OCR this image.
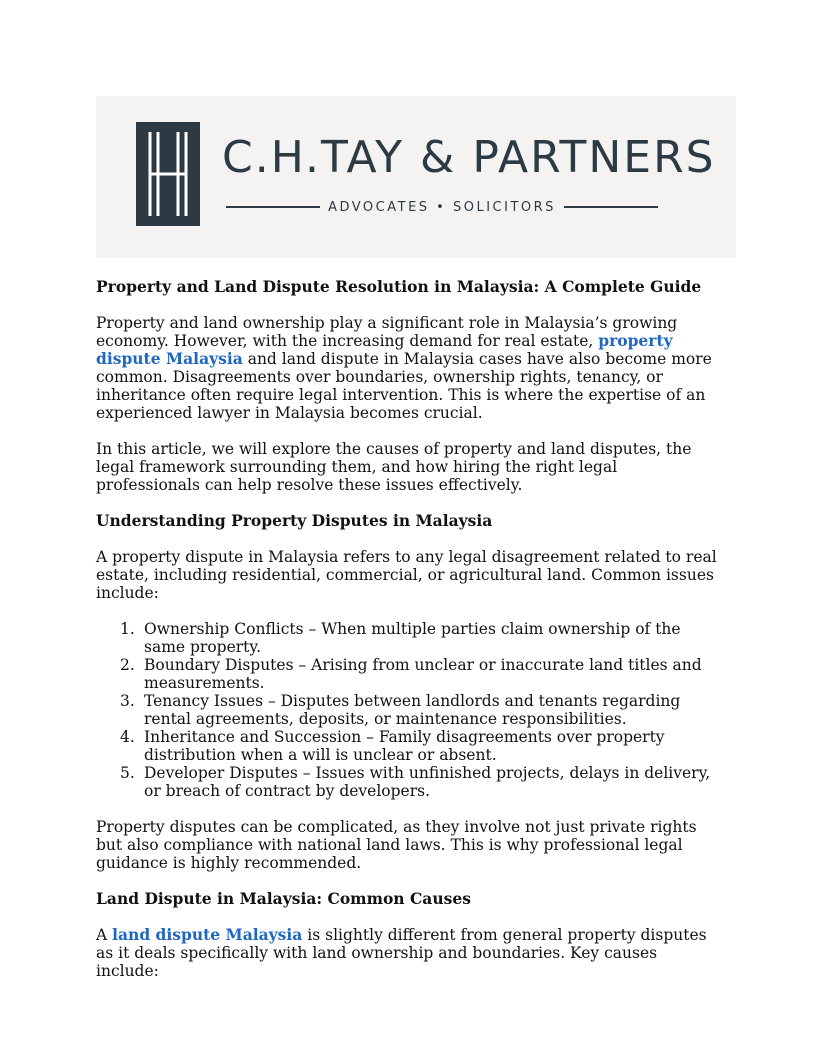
C.H.TAY & PARTNERS
ADVOCATES • SOLICITORS
Property and Land Dispute Resolution in Malaysia: A Complete Guide

Property and land ownership play a significant role in Malaysia’s growing economy. However, with the increasing demand for real estate, property dispute Malaysia and land dispute in Malaysia cases have also become more common. Disagreements over boundaries, ownership rights, tenancy, or inheritance often require legal intervention. This is where the expertise of an experienced lawyer in Malaysia becomes crucial.

In this article, we will explore the causes of property and land disputes, the legal framework surrounding them, and how hiring the right legal professionals can help resolve these issues effectively.

Understanding Property Disputes in Malaysia

A property dispute in Malaysia refers to any legal disagreement related to real estate, including residential, commercial, or agricultural land. Common issues include:

1. Ownership Conflicts – When multiple parties claim ownership of the same property.
2. Boundary Disputes – Arising from unclear or inaccurate land titles and measurements.
3. Tenancy Issues – Disputes between landlords and tenants regarding rental agreements, deposits, or maintenance responsibilities.
4. Inheritance and Succession – Family disagreements over property distribution when a will is unclear or absent.
5. Developer Disputes – Issues with unfinished projects, delays in delivery, or breach of contract by developers.

Property disputes can be complicated, as they involve not just private rights but also compliance with national land laws. This is why professional legal guidance is highly recommended.

Land Dispute in Malaysia: Common Causes

A land dispute Malaysia is slightly different from general property disputes as it deals specifically with land ownership and boundaries. Key causes include:
